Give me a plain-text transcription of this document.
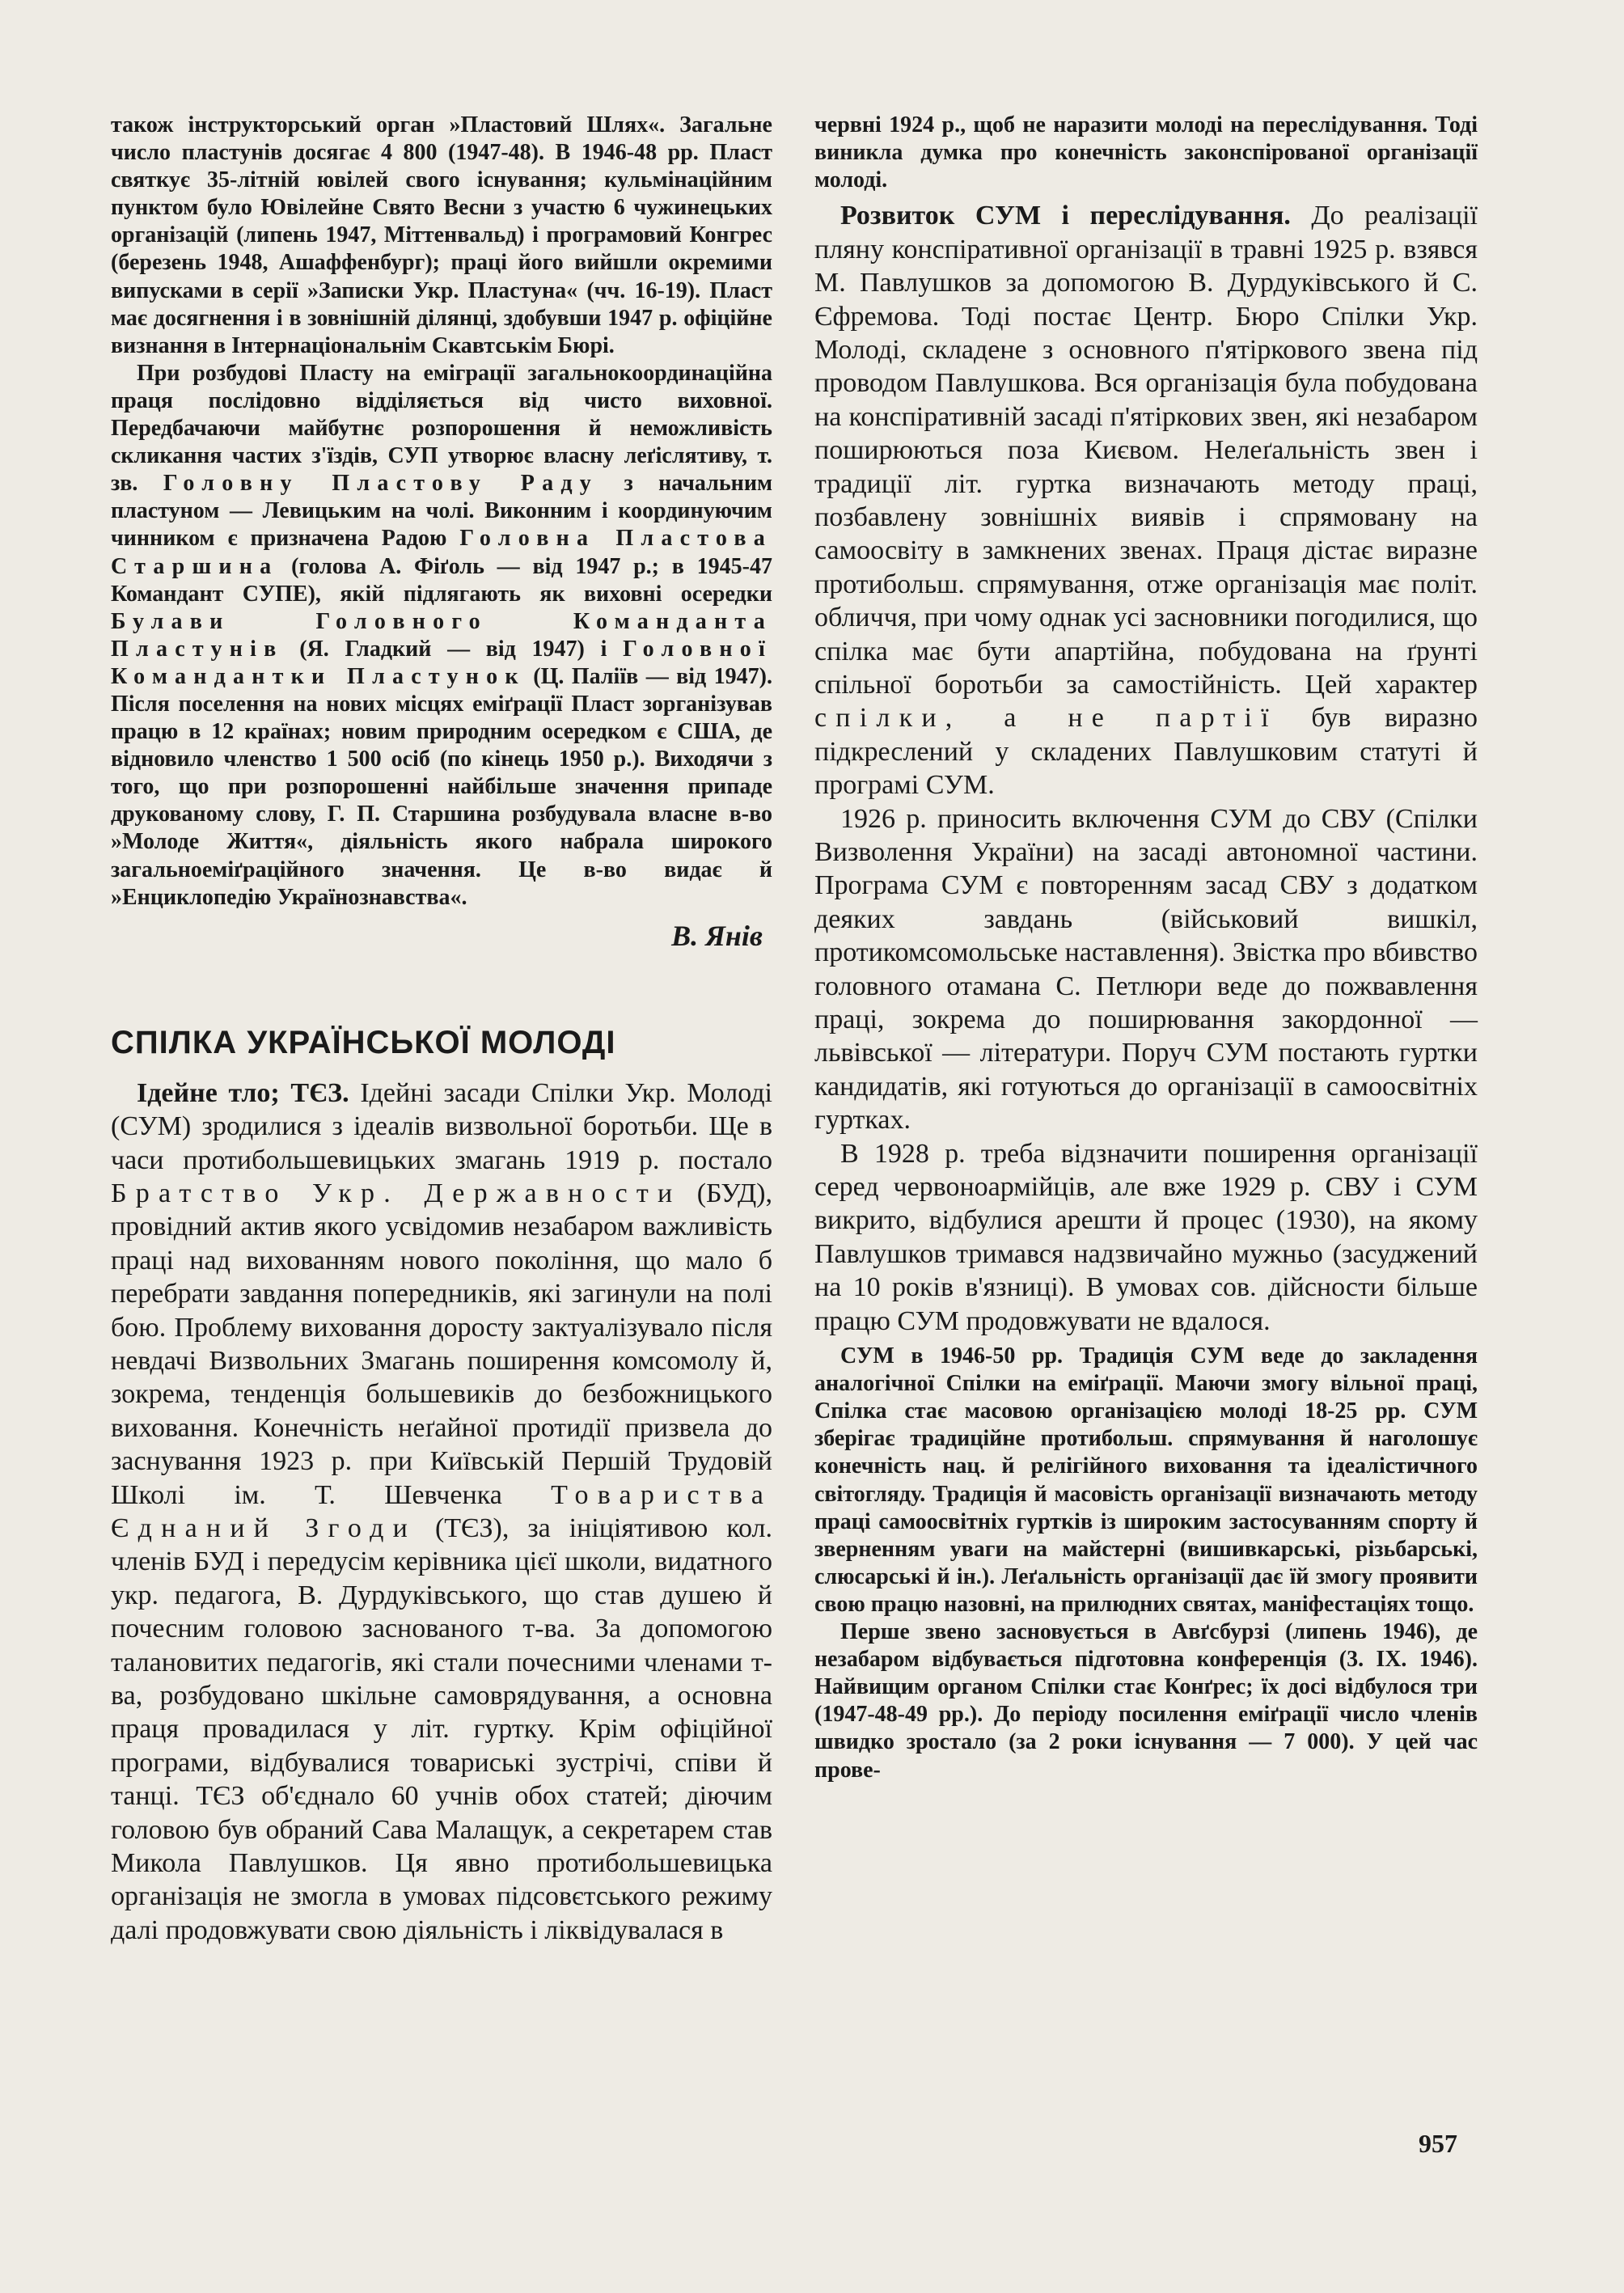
також інструкторський орган »Пластовий Шлях«. Загальне число пластунів досягає 4 800 (1947-48). В 1946-48 рр. Пласт святкує 35-літній ювілей свого існування; кульмінаційним пунктом було Ювілейне Свято Весни з участю 6 чужинецьких організацій (липень 1947, Міттенвальд) і програмовий Конгрес (березень 1948, Ашаффенбург); праці його вийшли окремими випусками в серії »Записки Укр. Пластуна« (чч. 16-19). Пласт має досягнення і в зовнішній ділянці, здобувши 1947 р. офіційне визнання в Інтернаціональнім Скавтськім Бюрі.

При розбудові Пласту на еміграції загальнокоординаційна праця послідовно відділяється від чисто виховної. Передбачаючи майбутнє розпорошення й неможливість скликання частих з'їздів, СУП утворює власну леґіслятиву, т. зв. Головну Пластову Раду з начальним пластуном — Левицьким на чолі. Виконним і координуючим чинником є призначена Радою Головна Пластова Старшина (голова А. Фіґоль — від 1947 р.; в 1945-47 Командант СУПЕ), якій підлягають як виховні осередки Булави Головного Команданта Пластунів (Я. Гладкий — від 1947) і Головної Командантки Пластунок (Ц. Паліїв — від 1947). Після поселення на нових місцях еміґрації Пласт зорганізував працю в 12 країнах; новим природним осередком є США, де відновило членство 1 500 осіб (по кінець 1950 р.). Виходячи з того, що при розпорошенні найбільше значення припаде друкованому слову, Г. П. Старшина розбудувала власне в-во »Молоде Життя«, діяльність якого набрала широкого загальноеміґраційного значення. Це в-во видає й »Енциклопедію Українознавства«.

В. Янів
СПІЛКА УКРАЇНСЬКОЇ МОЛОДІ

Ідейне тло; ТЄЗ. Ідейні засади Спілки Укр. Молоді (СУМ) зродилися з ідеалів визвольної боротьби. Ще в часи протибольшевицьких змагань 1919 р. постало Братство Укр. Державности (БУД), провідний актив якого усвідомив незабаром важливість праці над вихованням нового покоління, що мало б перебрати завдання попередників, які загинули на полі бою. Проблему виховання доросту зактуалізувало після невдачі Визвольних Змагань поширення комсомолу й, зокрема, тенденція большевиків до безбожницького виховання. Конечність неґайної протидії призвела до заснування 1923 р. при Київській Першій Трудовій Школі ім. Т. Шевченка Товариства Єднаний Згоди (ТЄЗ), за ініціятивою кол. членів БУД і передусім керівника цієї школи, видатного укр. педагога, В. Дурдуківського, що став душею й почесним головою заснованого т-ва. За допомогою талановитих педагогів, які стали почесними членами т-ва, розбудовано шкільне самоврядування, а основна праця провадилася у літ. гуртку. Крім офіційної програми, відбувалися товариські зустрічі, співи й танці. ТЄЗ об'єднало 60 учнів обох статей; діючим головою був обраний Сава Малащук, а секретарем став Микола Павлушков. Ця явно протибольшевицька організація не змогла в умовах підсовєтського режиму далі продовжувати свою діяльність і ліквідувалася в

червні 1924 р., щоб не наразити молоді на переслідування. Тоді виникла думка про конечність законспірованої організації молоді.

Розвиток СУМ і переслідування. До реалізації пляну конспіративної організації в травні 1925 р. взявся М. Павлушков за допомогою В. Дурдуківського й С. Єфремова. Тоді постає Центр. Бюро Спілки Укр. Молоді, складене з основного п'ятіркового звена під проводом Павлушкова. Вся організація була побудована на конспіративній засаді п'ятіркових звен, які незабаром поширюються поза Києвом. Нелеґальність звен і традиції літ. гуртка визначають методу праці, позбавлену зовнішніх виявів і спрямовану на самоосвіту в замкнених звенах. Праця дістає виразне протибольш. спрямування, отже організація має політ. обличчя, при чому однак усі засновники погодилися, що спілка має бути апартійна, побудована на ґрунті спільної боротьби за самостійність. Цей характер спілки, а не партії був виразно підкреслений у складених Павлушковим статуті й програмі СУМ.

1926 р. приносить включення СУМ до СВУ (Спілки Визволення України) на засаді автономної частини. Програма СУМ є повторенням засад СВУ з додатком деяких завдань (військовий вишкіл, протикомсомольське наставлення). Звістка про вбивство головного отамана С. Петлюри веде до пожвавлення праці, зокрема до поширювання закордонної — львівської — літератури. Поруч СУМ постають гуртки кандидатів, які готуються до організації в самоосвітніх гуртках.

В 1928 р. треба відзначити поширення організації серед червоноармійців, але вже 1929 р. СВУ і СУМ викрито, відбулися арешти й процес (1930), на якому Павлушков тримався надзвичайно мужньо (засуджений на 10 років в'язниці). В умовах сов. дійсности більше працю СУМ продовжувати не вдалося.

СУМ в 1946-50 рр. Традиція СУМ веде до закладення аналогічної Спілки на еміґрації. Маючи змогу вільної праці, Спілка стає масовою організацією молоді 18-25 рр. СУМ зберігає традиційне протибольш. спрямування й наголошує конечність нац. й релігійного виховання та ідеалістичного світогляду. Традиція й масовість організації визначають методу праці самоосвітніх гуртків із широким застосуванням спорту й зверненням уваги на майстерні (вишивкарські, різьбарські, слюсарські й ін.). Леґальність організації дає їй змогу проявити свою працю назовні, на прилюдних святах, маніфестаціях тощо.

Перше звено засновується в Авґсбурзі (липень 1946), де незабаром відбувається підготовна конференція (3. IX. 1946). Найвищим органом Спілки стає Конґрес; їх досі відбулося три (1947-48-49 рр.). До періоду посилення еміґрації число членів швидко зростало (за 2 роки існування — 7 000). У цей час прове-

957
